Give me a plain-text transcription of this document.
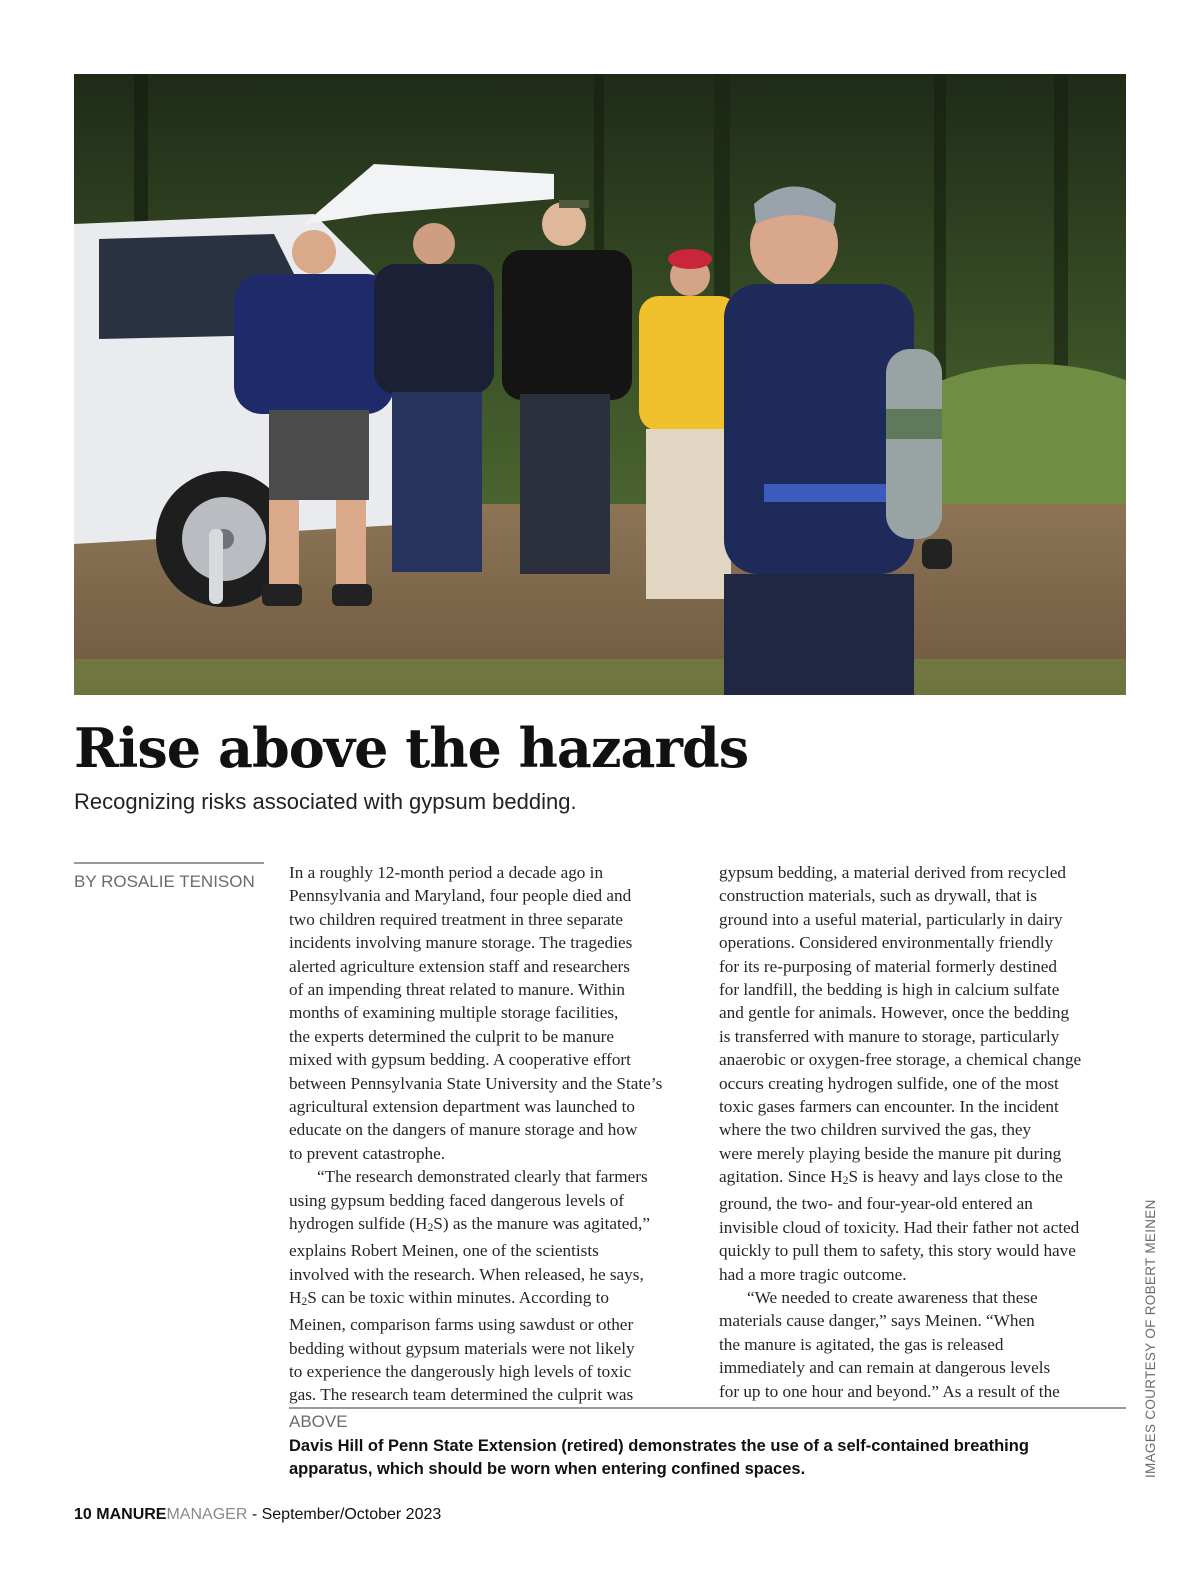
Rise above the hazards

Recognizing risks associated with gypsum bedding.

BY ROSALIE TENISON In a roughly 12-month period a decade ago in
Pennsylvania and Maryland, four people died and
two children required treatment in three separate
incidents involving manure storage. The tragedies
alerted agriculture extension staff and researchers
of an impending threat related to manure. Within
months of examining multiple storage facilities,
the experts determined the culprit to be manure
mixed with gypsum bedding. A cooperative effort
between Pennsylvania State University and the State’s
agricultural extension department was launched to
educate on the dangers of manure storage and how
to prevent catastrophe.

“The research demonstrated clearly that farmers
using gypsum bedding faced dangerous levels of
hydrogen sulfide (H2S) as the manure was agitated,”
explains Robert Meinen, one of the scientists
involved with the research. When released, he says,
H2S can be toxic within minutes. According to
Meinen, comparison farms using sawdust or other
bedding without gypsum materials were not likely
to experience the dangerously high levels of toxic
gas. The research team determined the culprit was

gypsum bedding, a material derived from recycled
construction materials, such as drywall, that is
ground into a useful material, particularly in dairy
operations. Considered environmentally friendly
for its re-purposing of material formerly destined
for landfill, the bedding is high in calcium sulfate
and gentle for animals. However, once the bedding
is transferred with manure to storage, particularly
anaerobic or oxygen-free storage, a chemical change
occurs creating hydrogen sulfide, one of the most
toxic gases farmers can encounter. In the incident
where the two children survived the gas, they
were merely playing beside the manure pit during
agitation. Since H2S is heavy and lays close to the
ground, the two- and four-year-old entered an
invisible cloud of toxicity. Had their father not acted
quickly to pull them to safety, this story would have
had a more tragic outcome.

“We needed to create awareness that these
materials cause danger,” says Meinen. “When
the manure is agitated, the gas is released
immediately and can remain at dangerous levels
for up to one hour and beyond.” As a result of the

ABOVE
Davis Hill of Penn State Extension (retired) demonstrates the use of a self-contained breathing apparatus, which should be worn when entering confined spaces.	IMAGES COURTESY OF ROBERT MEINEN
10 MANUREMANAGER - September/October 2023
